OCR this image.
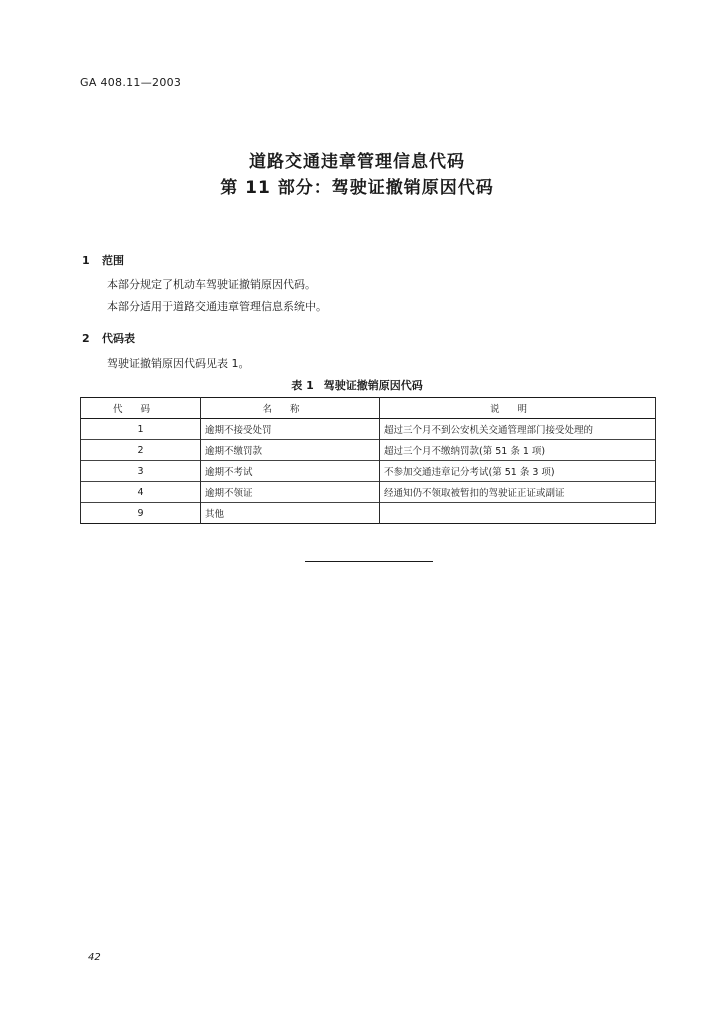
GA 408.11—2003
道路交通违章管理信息代码
第 11 部分：驾驶证撤销原因代码
1 范围
本部分规定了机动车驾驶证撤销原因代码。
本部分适用于道路交通违章管理信息系统中。
2 代码表
驾驶证撤销原因代码见表 1。
表 1 驾驶证撤销原因代码
代码	名称	说明
1	逾期不接受处罚	超过三个月不到公安机关交通管理部门接受处理的
2	逾期不缴罚款	超过三个月不缴纳罚款(第 51 条 1 项)
3	逾期不考试	不参加交通违章记分考试(第 51 条 3 项)
4	逾期不领证	经通知仍不领取被暂扣的驾驶证正证或副证
9	其他	
42
